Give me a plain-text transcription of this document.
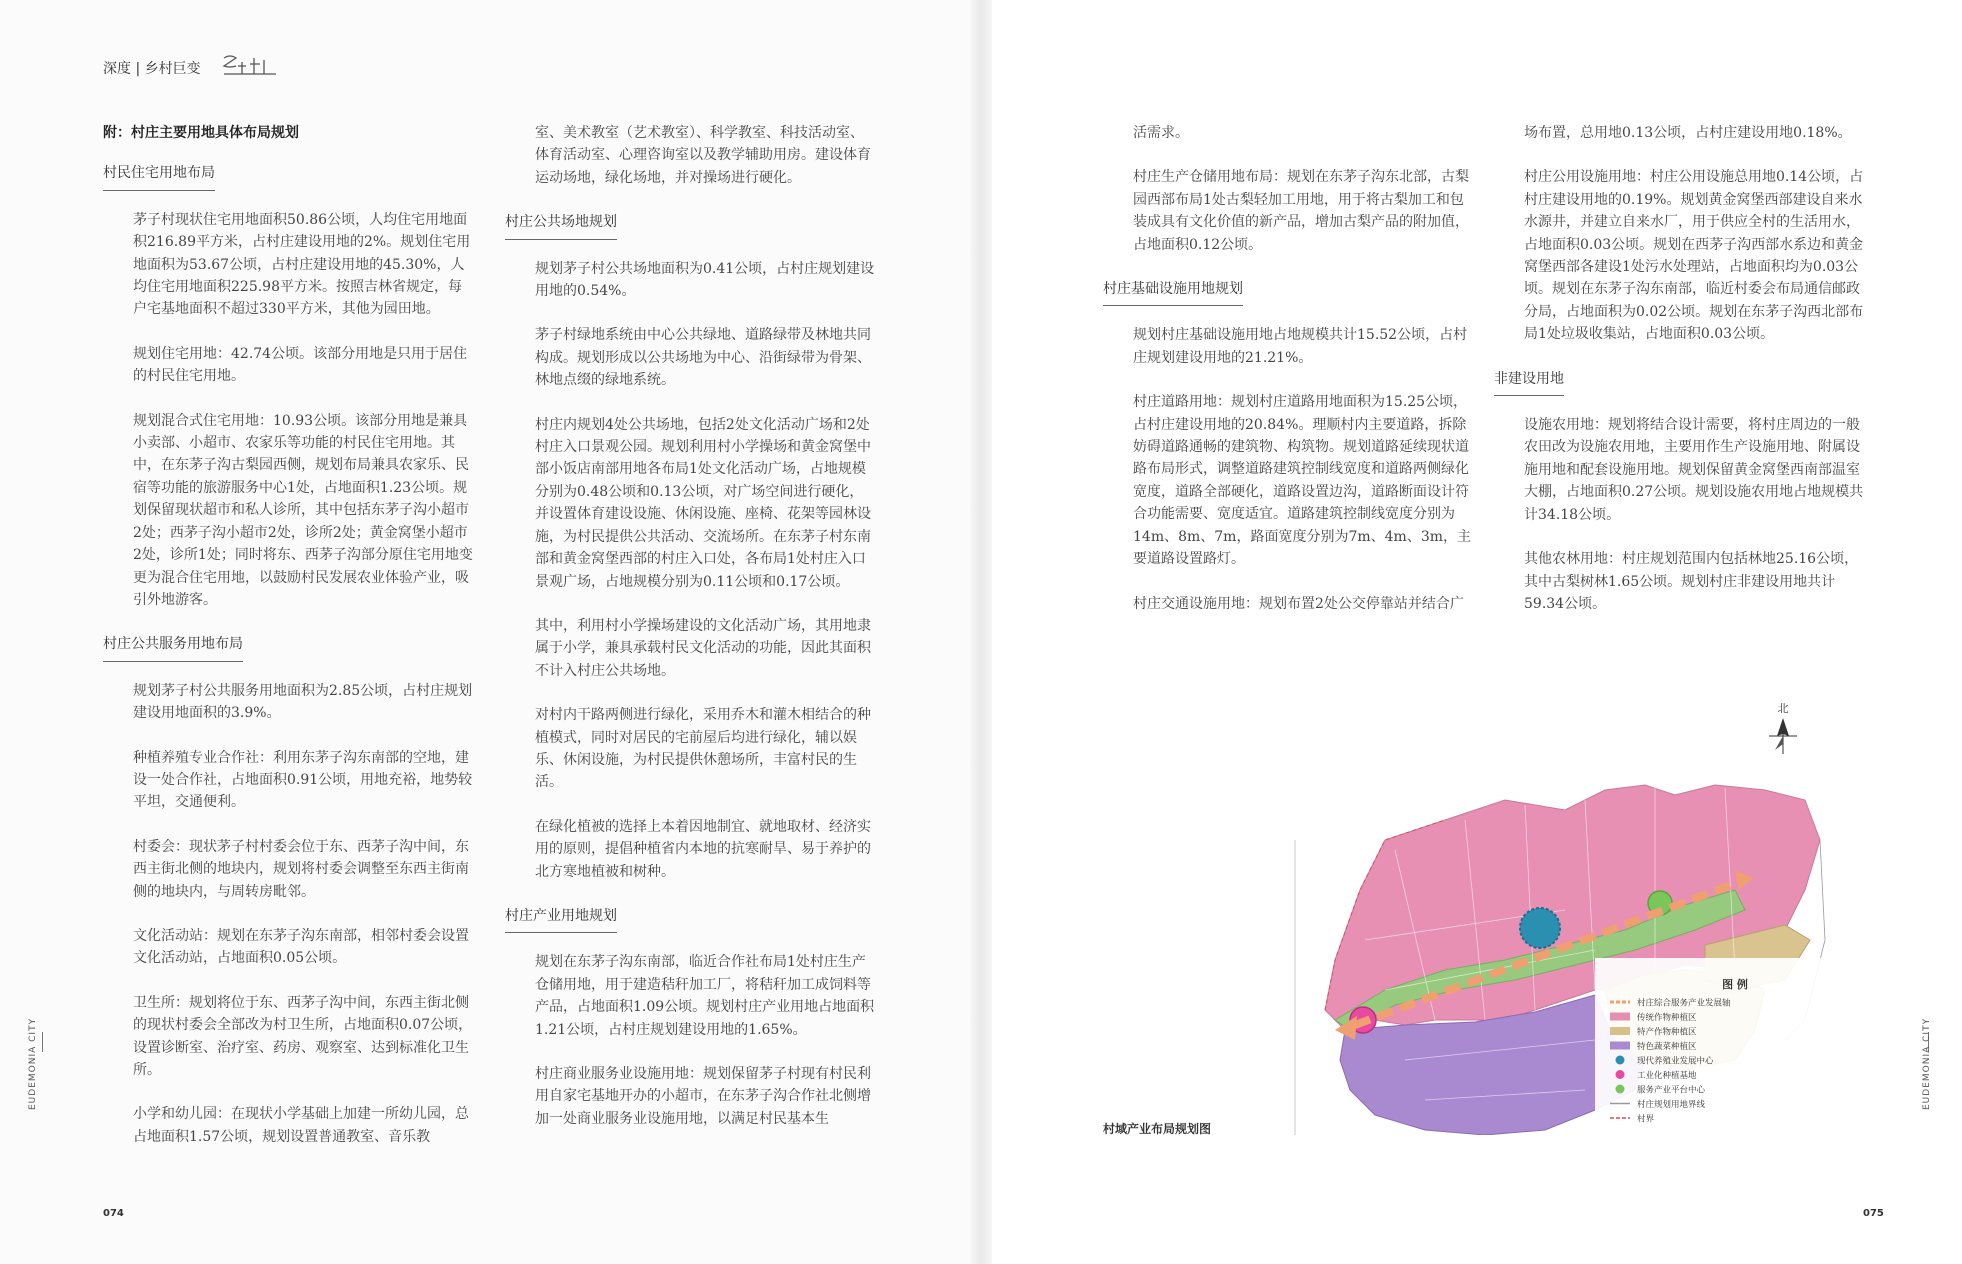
深度 | 乡村巨变
附：村庄主要用地具体布局规划
村民住宅用地布局

茅子村现状住宅用地面积50.86公顷，人均住宅用地面积216.89平方米，占村庄建设用地的2%。规划住宅用地面积为53.67公顷，占村庄建设用地的45.30%，人均住宅用地面积225.98平方米。按照吉林省规定，每户宅基地面积不超过330平方米，其他为园田地。

规划住宅用地：42.74公顷。该部分用地是只用于居住的村民住宅用地。

规划混合式住宅用地：10.93公顷。该部分用地是兼具小卖部、小超市、农家乐等功能的村民住宅用地。其中，在东茅子沟古梨园西侧，规划布局兼具农家乐、民宿等功能的旅游服务中心1处，占地面积1.23公顷。规划保留现状超市和私人诊所，其中包括东茅子沟小超市2处；西茅子沟小超市2处，诊所2处；黄金窝堡小超市2处，诊所1处；同时将东、西茅子沟部分原住宅用地变更为混合住宅用地，以鼓励村民发展农业体验产业，吸引外地游客。

村庄公共服务用地布局

规划茅子村公共服务用地面积为2.85公顷，占村庄规划建设用地面积的3.9%。

种植养殖专业合作社：利用东茅子沟东南部的空地，建设一处合作社，占地面积0.91公顷，用地充裕，地势较平坦，交通便利。

村委会：现状茅子村村委会位于东、西茅子沟中间，东西主街北侧的地块内，规划将村委会调整至东西主街南侧的地块内，与周转房毗邻。

文化活动站：规划在东茅子沟东南部，相邻村委会设置文化活动站，占地面积0.05公顷。

卫生所：规划将位于东、西茅子沟中间，东西主街北侧的现状村委会全部改为村卫生所，占地面积0.07公顷，设置诊断室、治疗室、药房、观察室、达到标准化卫生所。

小学和幼儿园：在现状小学基础上加建一所幼儿园，总占地面积1.57公顷，规划设置普通教室、音乐教

室、美术教室（艺术教室）、科学教室、科技活动室、体育活动室、心理咨询室以及教学辅助用房。建设体育运动场地，绿化场地，并对操场进行硬化。

村庄公共场地规划

规划茅子村公共场地面积为0.41公顷，占村庄规划建设用地的0.54%。

茅子村绿地系统由中心公共绿地、道路绿带及林地共同构成。规划形成以公共场地为中心、沿街绿带为骨架、林地点缀的绿地系统。

村庄内规划4处公共场地，包括2处文化活动广场和2处村庄入口景观公园。规划利用村小学操场和黄金窝堡中部小饭店南部用地各布局1处文化活动广场，占地规模分别为0.48公顷和0.13公顷，对广场空间进行硬化，并设置体育建设设施、休闲设施、座椅、花架等园林设施，为村民提供公共活动、交流场所。在东茅子村东南部和黄金窝堡西部的村庄入口处，各布局1处村庄入口景观广场，占地规模分别为0.11公顷和0.17公顷。

其中，利用村小学操场建设的文化活动广场，其用地隶属于小学，兼具承载村民文化活动的功能，因此其面积不计入村庄公共场地。

对村内干路两侧进行绿化，采用乔木和灌木相结合的种植模式，同时对居民的宅前屋后均进行绿化，辅以娱乐、休闲设施，为村民提供休憩场所，丰富村民的生活。

在绿化植被的选择上本着因地制宜、就地取材、经济实用的原则，提倡种植省内本地的抗寒耐旱、易于养护的北方寒地植被和树种。

村庄产业用地规划

规划在东茅子沟东南部，临近合作社布局1处村庄生产仓储用地，用于建造秸秆加工厂，将秸秆加工成饲料等产品，占地面积1.09公顷。规划村庄产业用地占地面积1.21公顷，占村庄规划建设用地的1.65%。

村庄商业服务业设施用地：规划保留茅子村现有村民利用自家宅基地开办的小超市，在东茅子沟合作社北侧增加一处商业服务业设施用地，以满足村民基本生

活需求。

村庄生产仓储用地布局：规划在东茅子沟东北部，古梨园西部布局1处古梨轻加工用地，用于将古梨加工和包装成具有文化价值的新产品，增加古梨产品的附加值，占地面积0.12公顷。

村庄基础设施用地规划

规划村庄基础设施用地占地规模共计15.52公顷，占村庄规划建设用地的21.21%。

村庄道路用地：规划村庄道路用地面积为15.25公顷，占村庄建设用地的20.84%。理顺村内主要道路，拆除妨碍道路通畅的建筑物、构筑物。规划道路延续现状道路布局形式，调整道路建筑控制线宽度和道路两侧绿化宽度，道路全部硬化，道路设置边沟，道路断面设计符合功能需要、宽度适宜。道路建筑控制线宽度分别为14m、8m、7m，路面宽度分别为7m、4m、3m，主要道路设置路灯。

村庄交通设施用地：规划布置2处公交停靠站并结合广

场布置，总用地0.13公顷，占村庄建设用地0.18%。

村庄公用设施用地：村庄公用设施总用地0.14公顷，占村庄建设用地的0.19%。规划黄金窝堡西部建设自来水水源井，并建立自来水厂，用于供应全村的生活用水，占地面积0.03公顷。规划在西茅子沟西部水系边和黄金窝堡西部各建设1处污水处理站，占地面积均为0.03公顷。规划在东茅子沟东南部，临近村委会布局通信邮政分局，占地面积为0.02公顷。规划在东茅子沟西北部布局1处垃圾收集站，占地面积0.03公顷。

非建设用地

设施农用地：规划将结合设计需要，将村庄周边的一般农田改为设施农用地，主要用作生产设施用地、附属设施用地和配套设施用地。规划保留黄金窝堡西南部温室大棚，占地面积0.27公顷。规划设施农用地占地规模共计34.18公顷。

其他农林用地：村庄规划范围内包括林地25.16公顷，其中古梨树林1.65公顷。规划村庄非建设用地共计59.34公顷。

北
图 例
村庄综合服务产业发展轴
传统作物种植区
特产作物种植区
特色蔬菜种植区
现代养殖业发展中心
工业化种植基地
服务产业平台中心
村庄规划用地界线
村界
村域产业布局规划图
EUDEMONIA CITY	EUDEMONIA CITY
074	075
